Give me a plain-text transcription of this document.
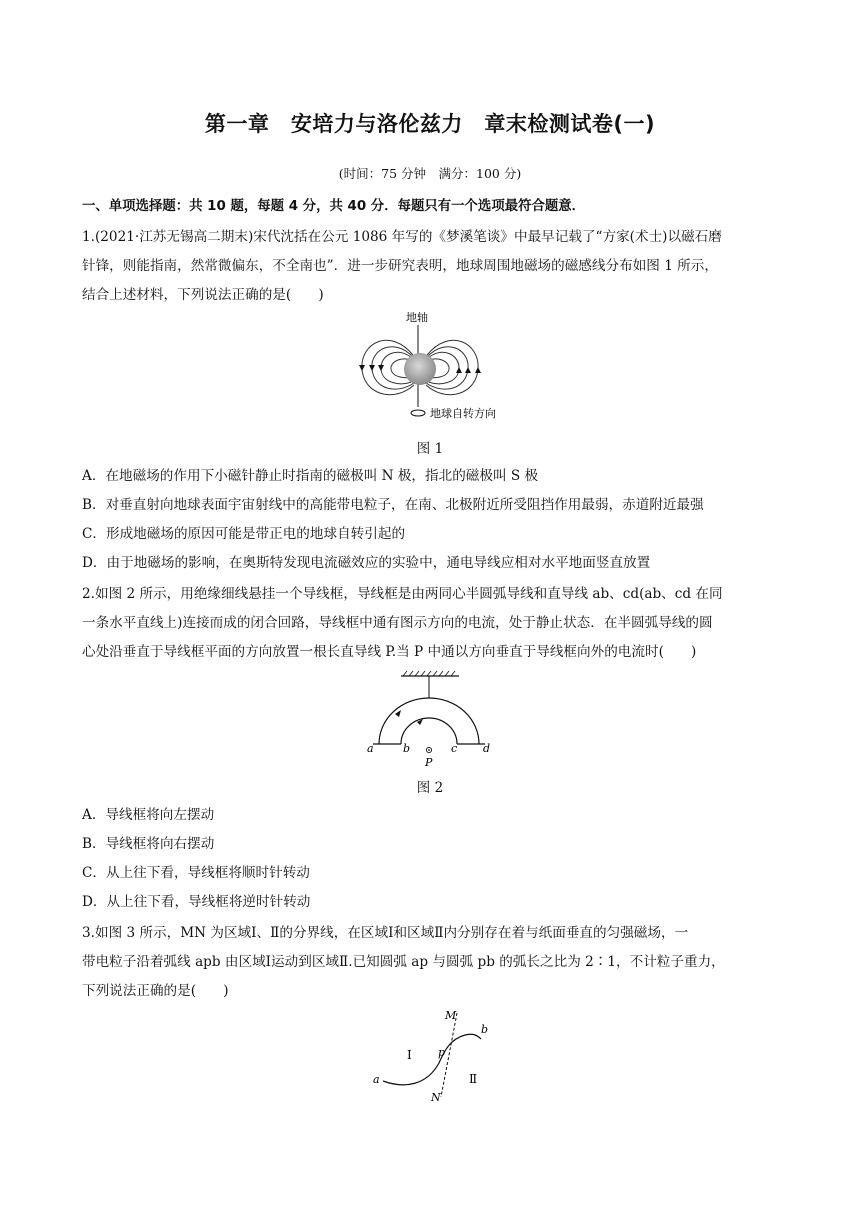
第一章　安培力与洛伦兹力　章末检测试卷(一)
(时间：75 分钟　满分：100 分)
一、单项选择题：共 10 题，每题 4 分，共 40 分．每题只有一个选项最符合题意．
1.(2021·江苏无锡高二期末)宋代沈括在公元 1086 年写的《梦溪笔谈》中最早记载了“方家(术士)以磁石磨
针锋，则能指南，然常微偏东，不全南也”．进一步研究表明，地球周围地磁场的磁感线分布如图 1 所示，
结合上述材料，下列说法正确的是(　　)
地轴
地球自转方向
图 1
A．在地磁场的作用下小磁针静止时指南的磁极叫 N 极，指北的磁极叫 S 极
B．对垂直射向地球表面宇宙射线中的高能带电粒子，在南、北极附近所受阻挡作用最弱，赤道附近最强
C．形成地磁场的原因可能是带正电的地球自转引起的
D．由于地磁场的影响，在奥斯特发现电流磁效应的实验中，通电导线应相对水平地面竖直放置
2.如图 2 所示，用绝缘细线悬挂一个导线框，导线框是由两同心半圆弧导线和直导线 ab、cd(ab、cd 在同
一条水平直线上)连接而成的闭合回路，导线框中通有图示方向的电流，处于静止状态．在半圆弧导线的圆
心处沿垂直于导线框平面的方向放置一根长直导线 P.当 P 中通以方向垂直于导线框向外的电流时(　　)
a	b	c d
P
图 2
A．导线框将向左摆动
B．导线框将向右摆动
C．从上往下看，导线框将顺时针转动
D．从上往下看，导线框将逆时针转动
3.如图 3 所示，MN 为区域Ⅰ、Ⅱ的分界线，在区域Ⅰ和区域Ⅱ内分别存在着与纸面垂直的匀强磁场，一
带电粒子沿着弧线 apb 由区域Ⅰ运动到区域Ⅱ.已知圆弧 ap 与圆弧 pb 的弧长之比为 2∶1，不计粒子重力，
下列说法正确的是(　　)
M
N
a
b
p
Ⅰ
Ⅱ
